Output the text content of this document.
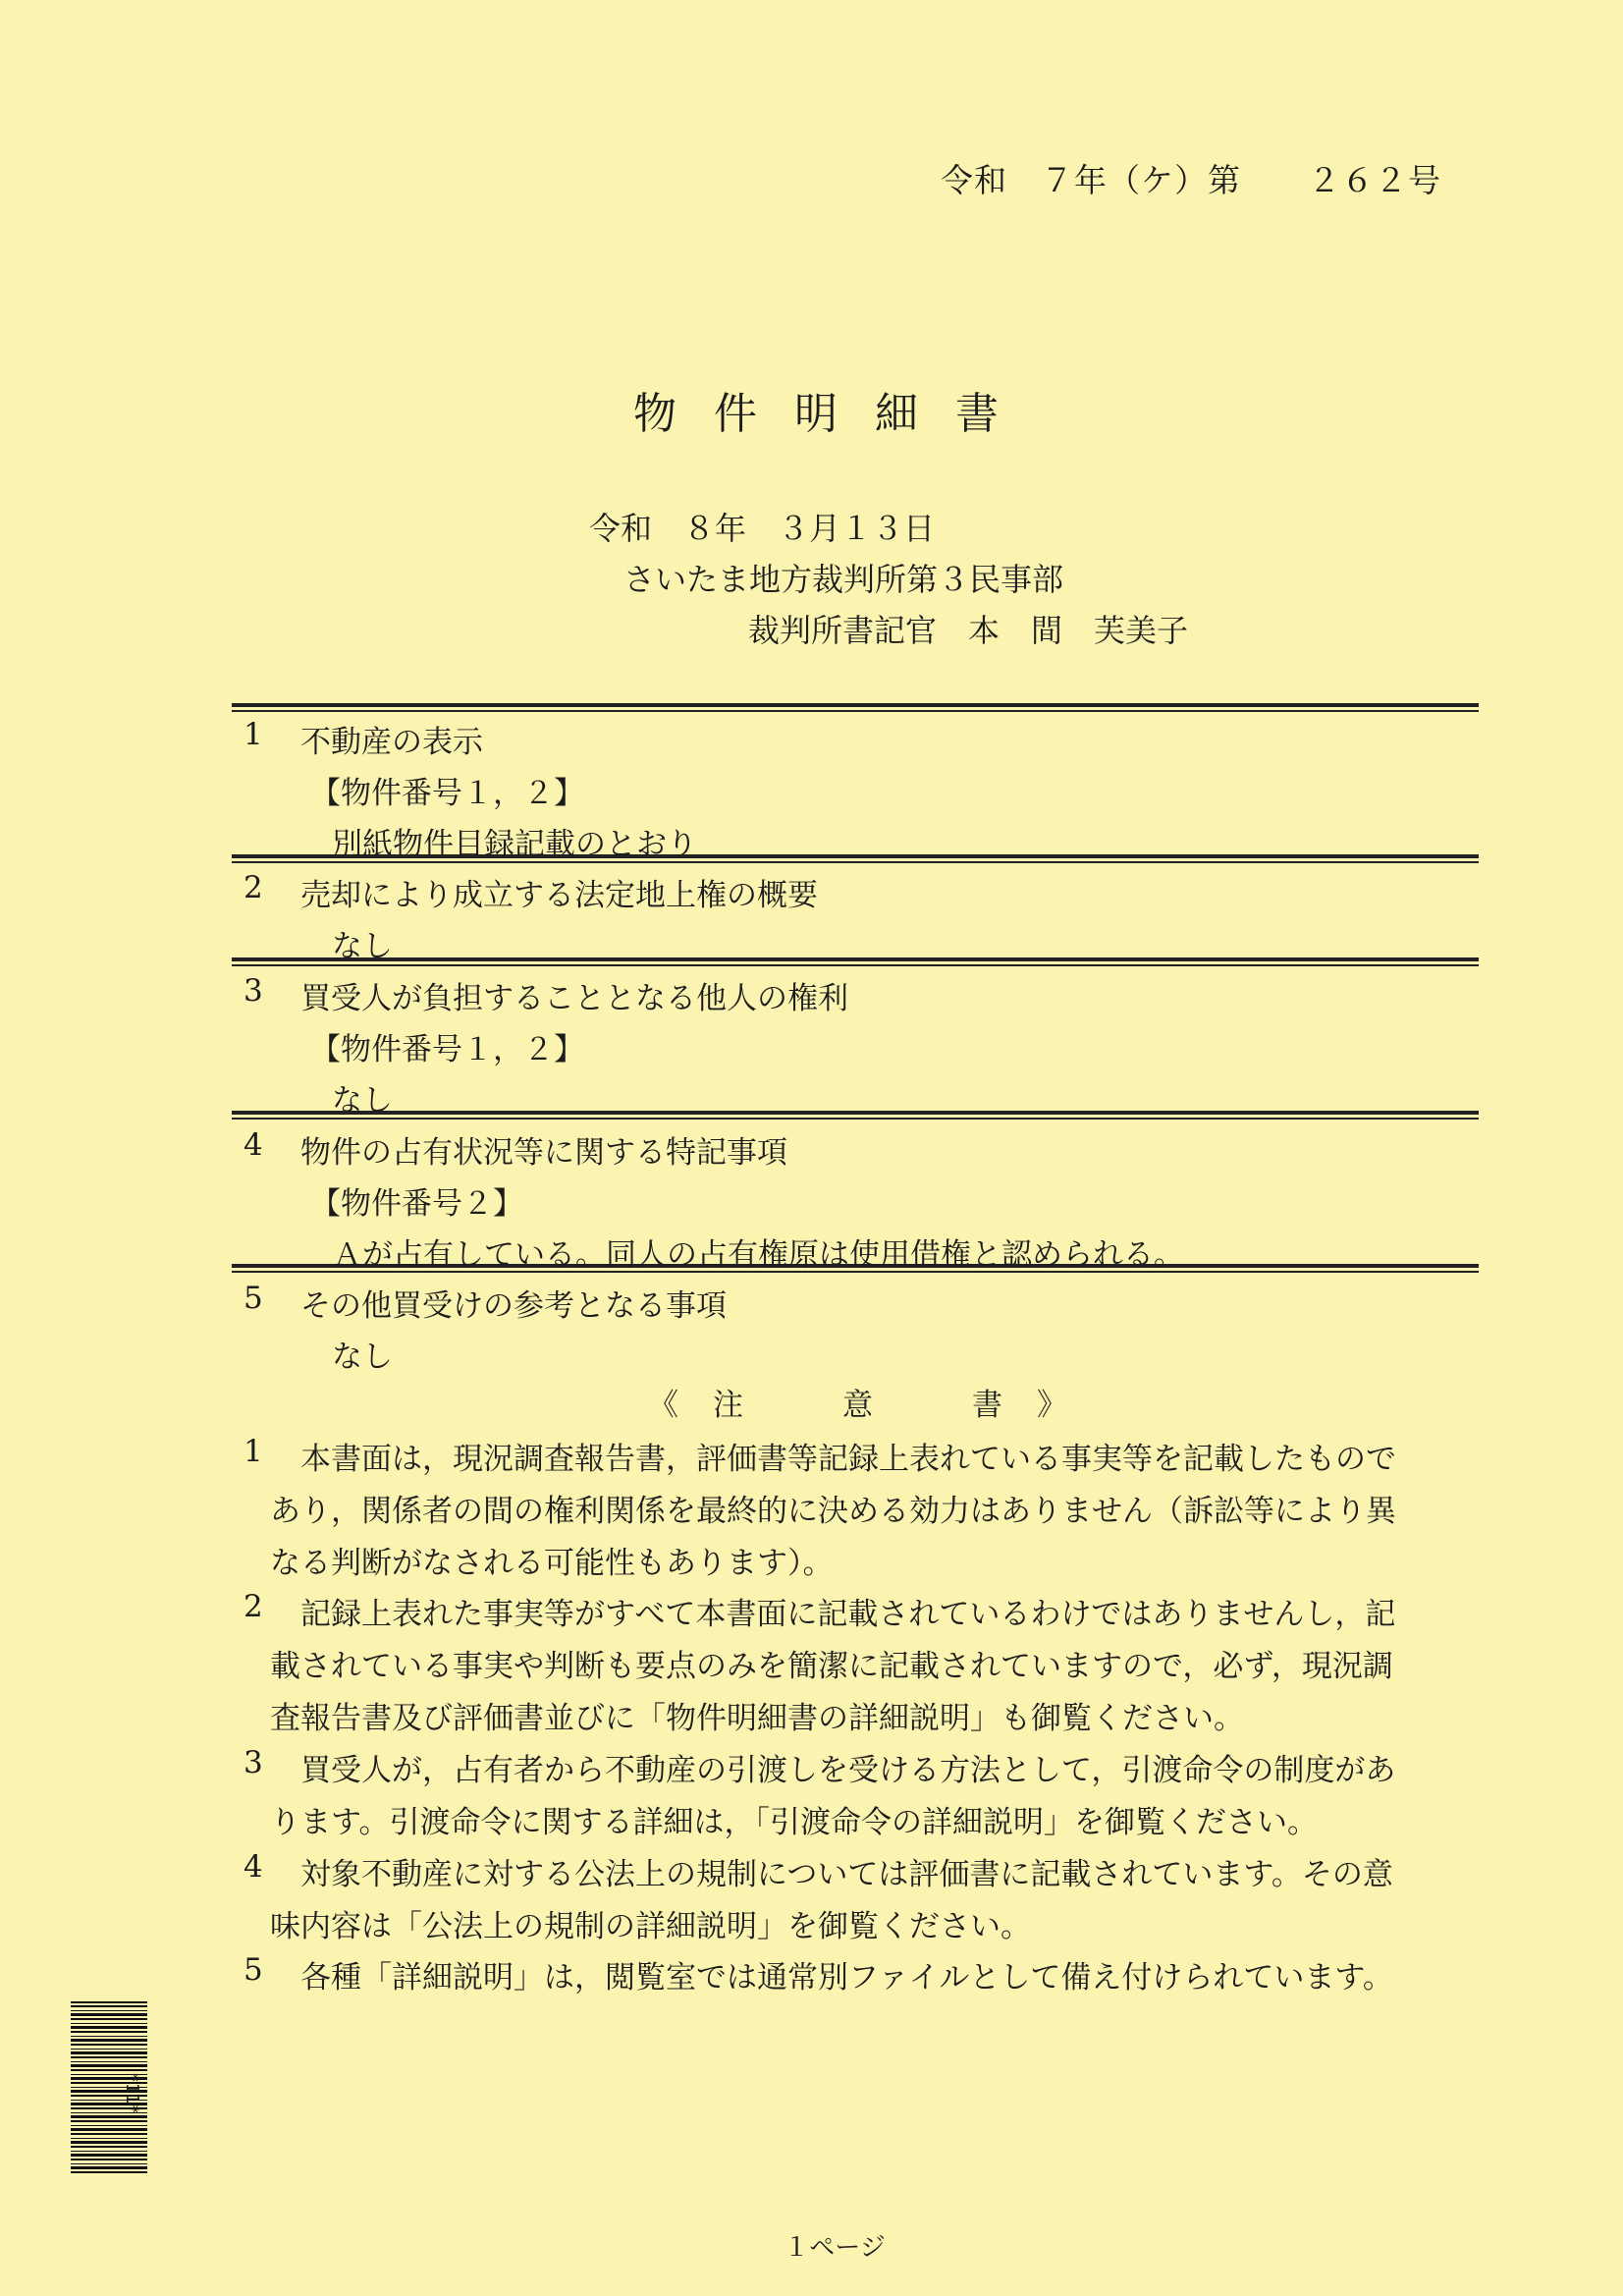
令和　７年（ケ）第　　２６２号
物件明細書
令和　８年　３月１３日
さいたま地方裁判所第３民事部
裁判所書記官　本　間　芙美子
1 不動産の表示
【物件番号１，２】
別紙物件目録記載のとおり
2 売却により成立する法定地上権の概要
なし
3 買受人が負担することとなる他人の権利
【物件番号１，２】
なし
4 物件の占有状況等に関する特記事項
【物件番号２】
Ａが占有している。同人の占有権原は使用借権と認められる。
5 その他買受けの参考となる事項
なし
《　注　　　意　　　書　》
1 本書面は，現況調査報告書，評価書等記録上表れている事実等を記載したもので
あり，関係者の間の権利関係を最終的に決める効力はありません（訴訟等により異
なる判断がなされる可能性もあります）。
2 記録上表れた事実等がすべて本書面に記載されているわけではありませんし，記
載されている事実や判断も要点のみを簡潔に記載されていますので，必ず，現況調
査報告書及び評価書並びに「物件明細書の詳細説明」も御覧ください。
3 買受人が，占有者から不動産の引渡しを受ける方法として，引渡命令の制度があ
ります。引渡命令に関する詳細は，「引渡命令の詳細説明」を御覧ください。
4 対象不動産に対する公法上の規制については評価書に記載されています。その意
味内容は「公法上の規制の詳細説明」を御覧ください。
5 各種「詳細説明」は，閲覧室では通常別ファイルとして備え付けられています。
*11*
１ページ
